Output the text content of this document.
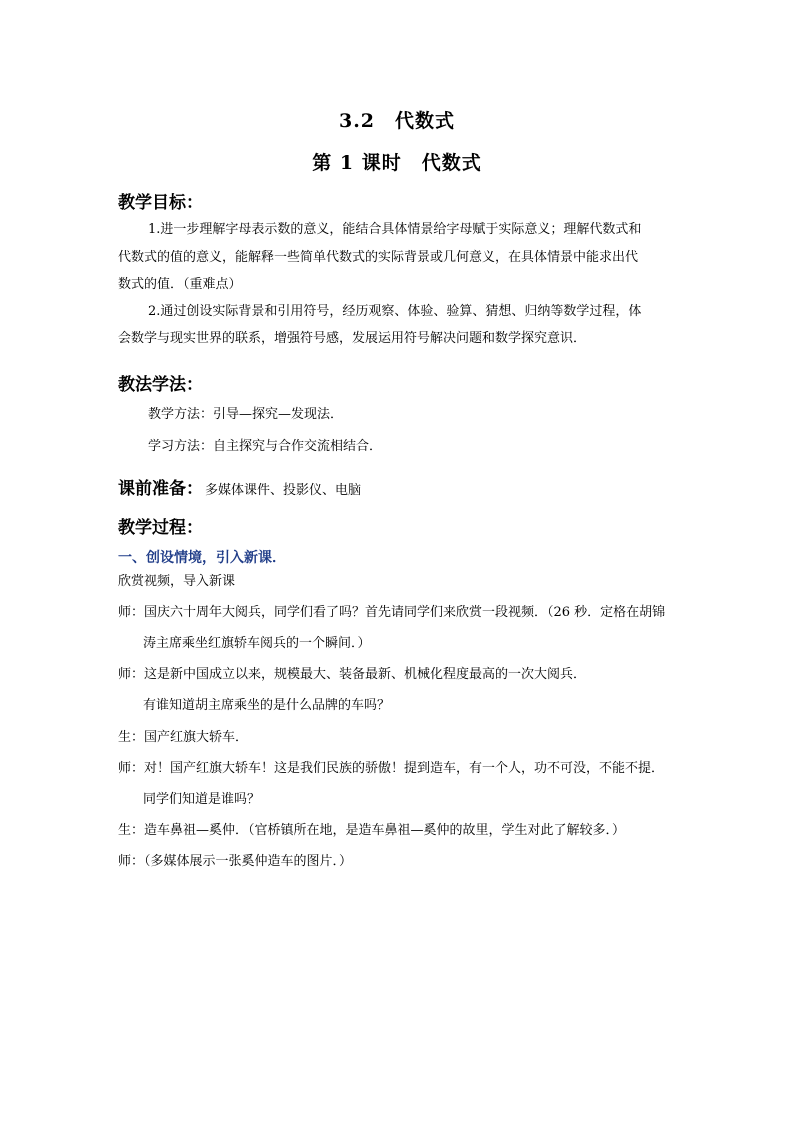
3.2　代数式
第 1 课时　代数式
教学目标：
1.进一步理解字母表示数的意义，能结合具体情景给字母赋于实际意义；理解代数式和
代数式的值的意义，能解释一些简单代数式的实际背景或几何意义，在具体情景中能求出代
数式的值．（重难点）
2.通过创设实际背景和引用符号，经历观察、体验、验算、猜想、归纳等数学过程，体
会数学与现实世界的联系，增强符号感，发展运用符号解决问题和数学探究意识．
教法学法：
教学方法：引导—探究—发现法．
学习方法：自主探究与合作交流相结合．
课前准备： 多媒体课件、投影仪、电脑
教学过程：
一、创设情境，引入新课．
欣赏视频，导入新课
师：国庆六十周年大阅兵，同学们看了吗？首先请同学们来欣赏一段视频．（26 秒．定格在胡锦
涛主席乘坐红旗轿车阅兵的一个瞬间．）
师：这是新中国成立以来，规模最大、装备最新、机械化程度最高的一次大阅兵．
有谁知道胡主席乘坐的是什么品牌的车吗？
生：国产红旗大轿车．
师：对！国产红旗大轿车！这是我们民族的骄傲！提到造车，有一个人，功不可没，不能不提．
同学们知道是谁吗？
生：造车鼻祖—奚仲．（官桥镇所在地，是造车鼻祖—奚仲的故里，学生对此了解较多．）
师：（多媒体展示一张奚仲造车的图片．）
